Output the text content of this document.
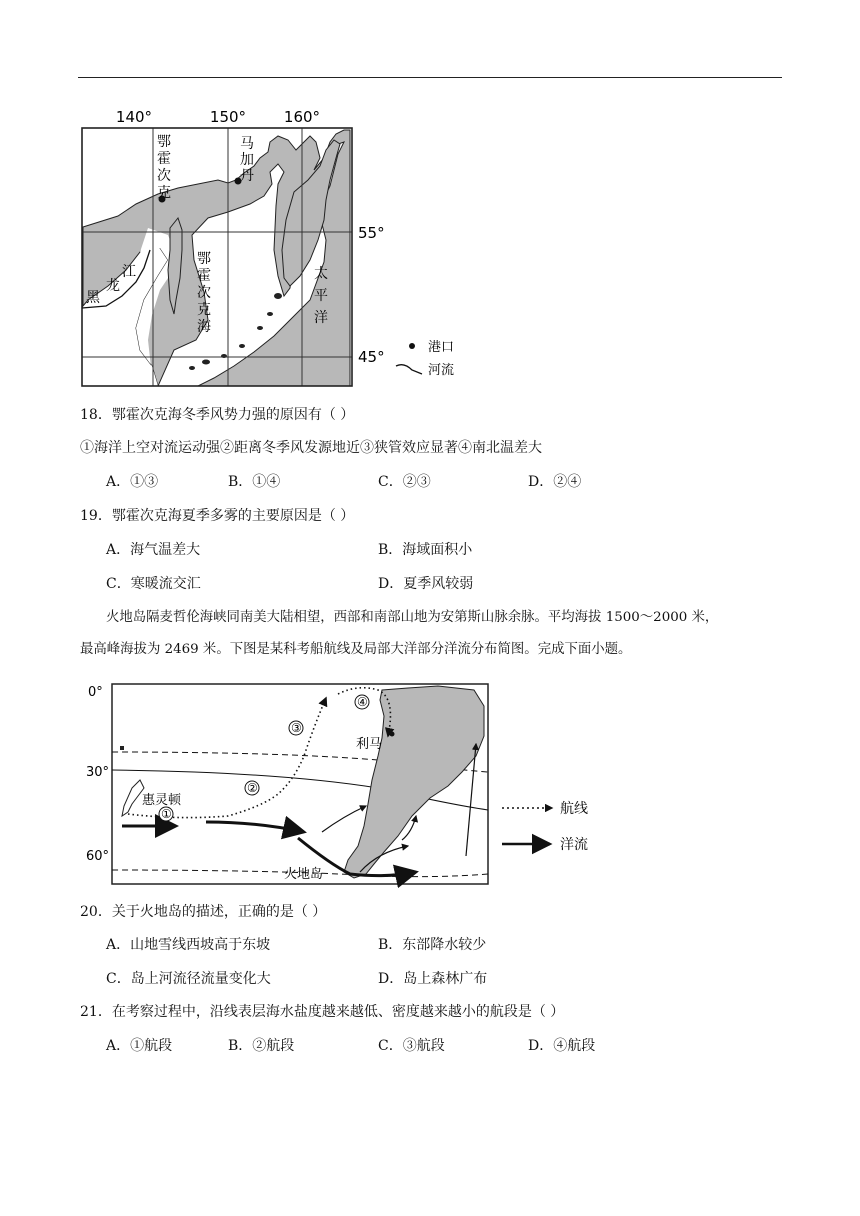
140°	150°	160°
鄂
霍
次
克
马
加
丹
鄂
霍
次
克
海
太
平
洋
江
龙
黑
55°
45°
港口
河流
18．鄂霍次克海冬季风势力强的原因有（ ）
①海洋上空对流运动强②距离冬季风发源地近③狭管效应显著④南北温差大
A．①③	B．①④	C．②③	D．②④
19．鄂霍次克海夏季多雾的主要原因是（ ）
A．海气温差大	B．海域面积小
C．寒暖流交汇	D．夏季风较弱
火地岛隔麦哲伦海峡同南美大陆相望，西部和南部山地为安第斯山脉余脉。平均海拔 1500～2000 米，
最高峰海拔为 2469 米。下图是某科考船航线及局部大洋部分洋流分布简图。完成下面小题。
0°
30°
60°
①
②
③
④
惠灵顿
利马
火地岛
航线
洋流
20．关于火地岛的描述，正确的是（ ）
A．山地雪线西坡高于东坡	B．东部降水较少
C．岛上河流径流量变化大	D．岛上森林广布
21．在考察过程中，沿线表层海水盐度越来越低、密度越来越小的航段是（ ）
A．①航段	B．②航段	C．③航段	D．④航段
